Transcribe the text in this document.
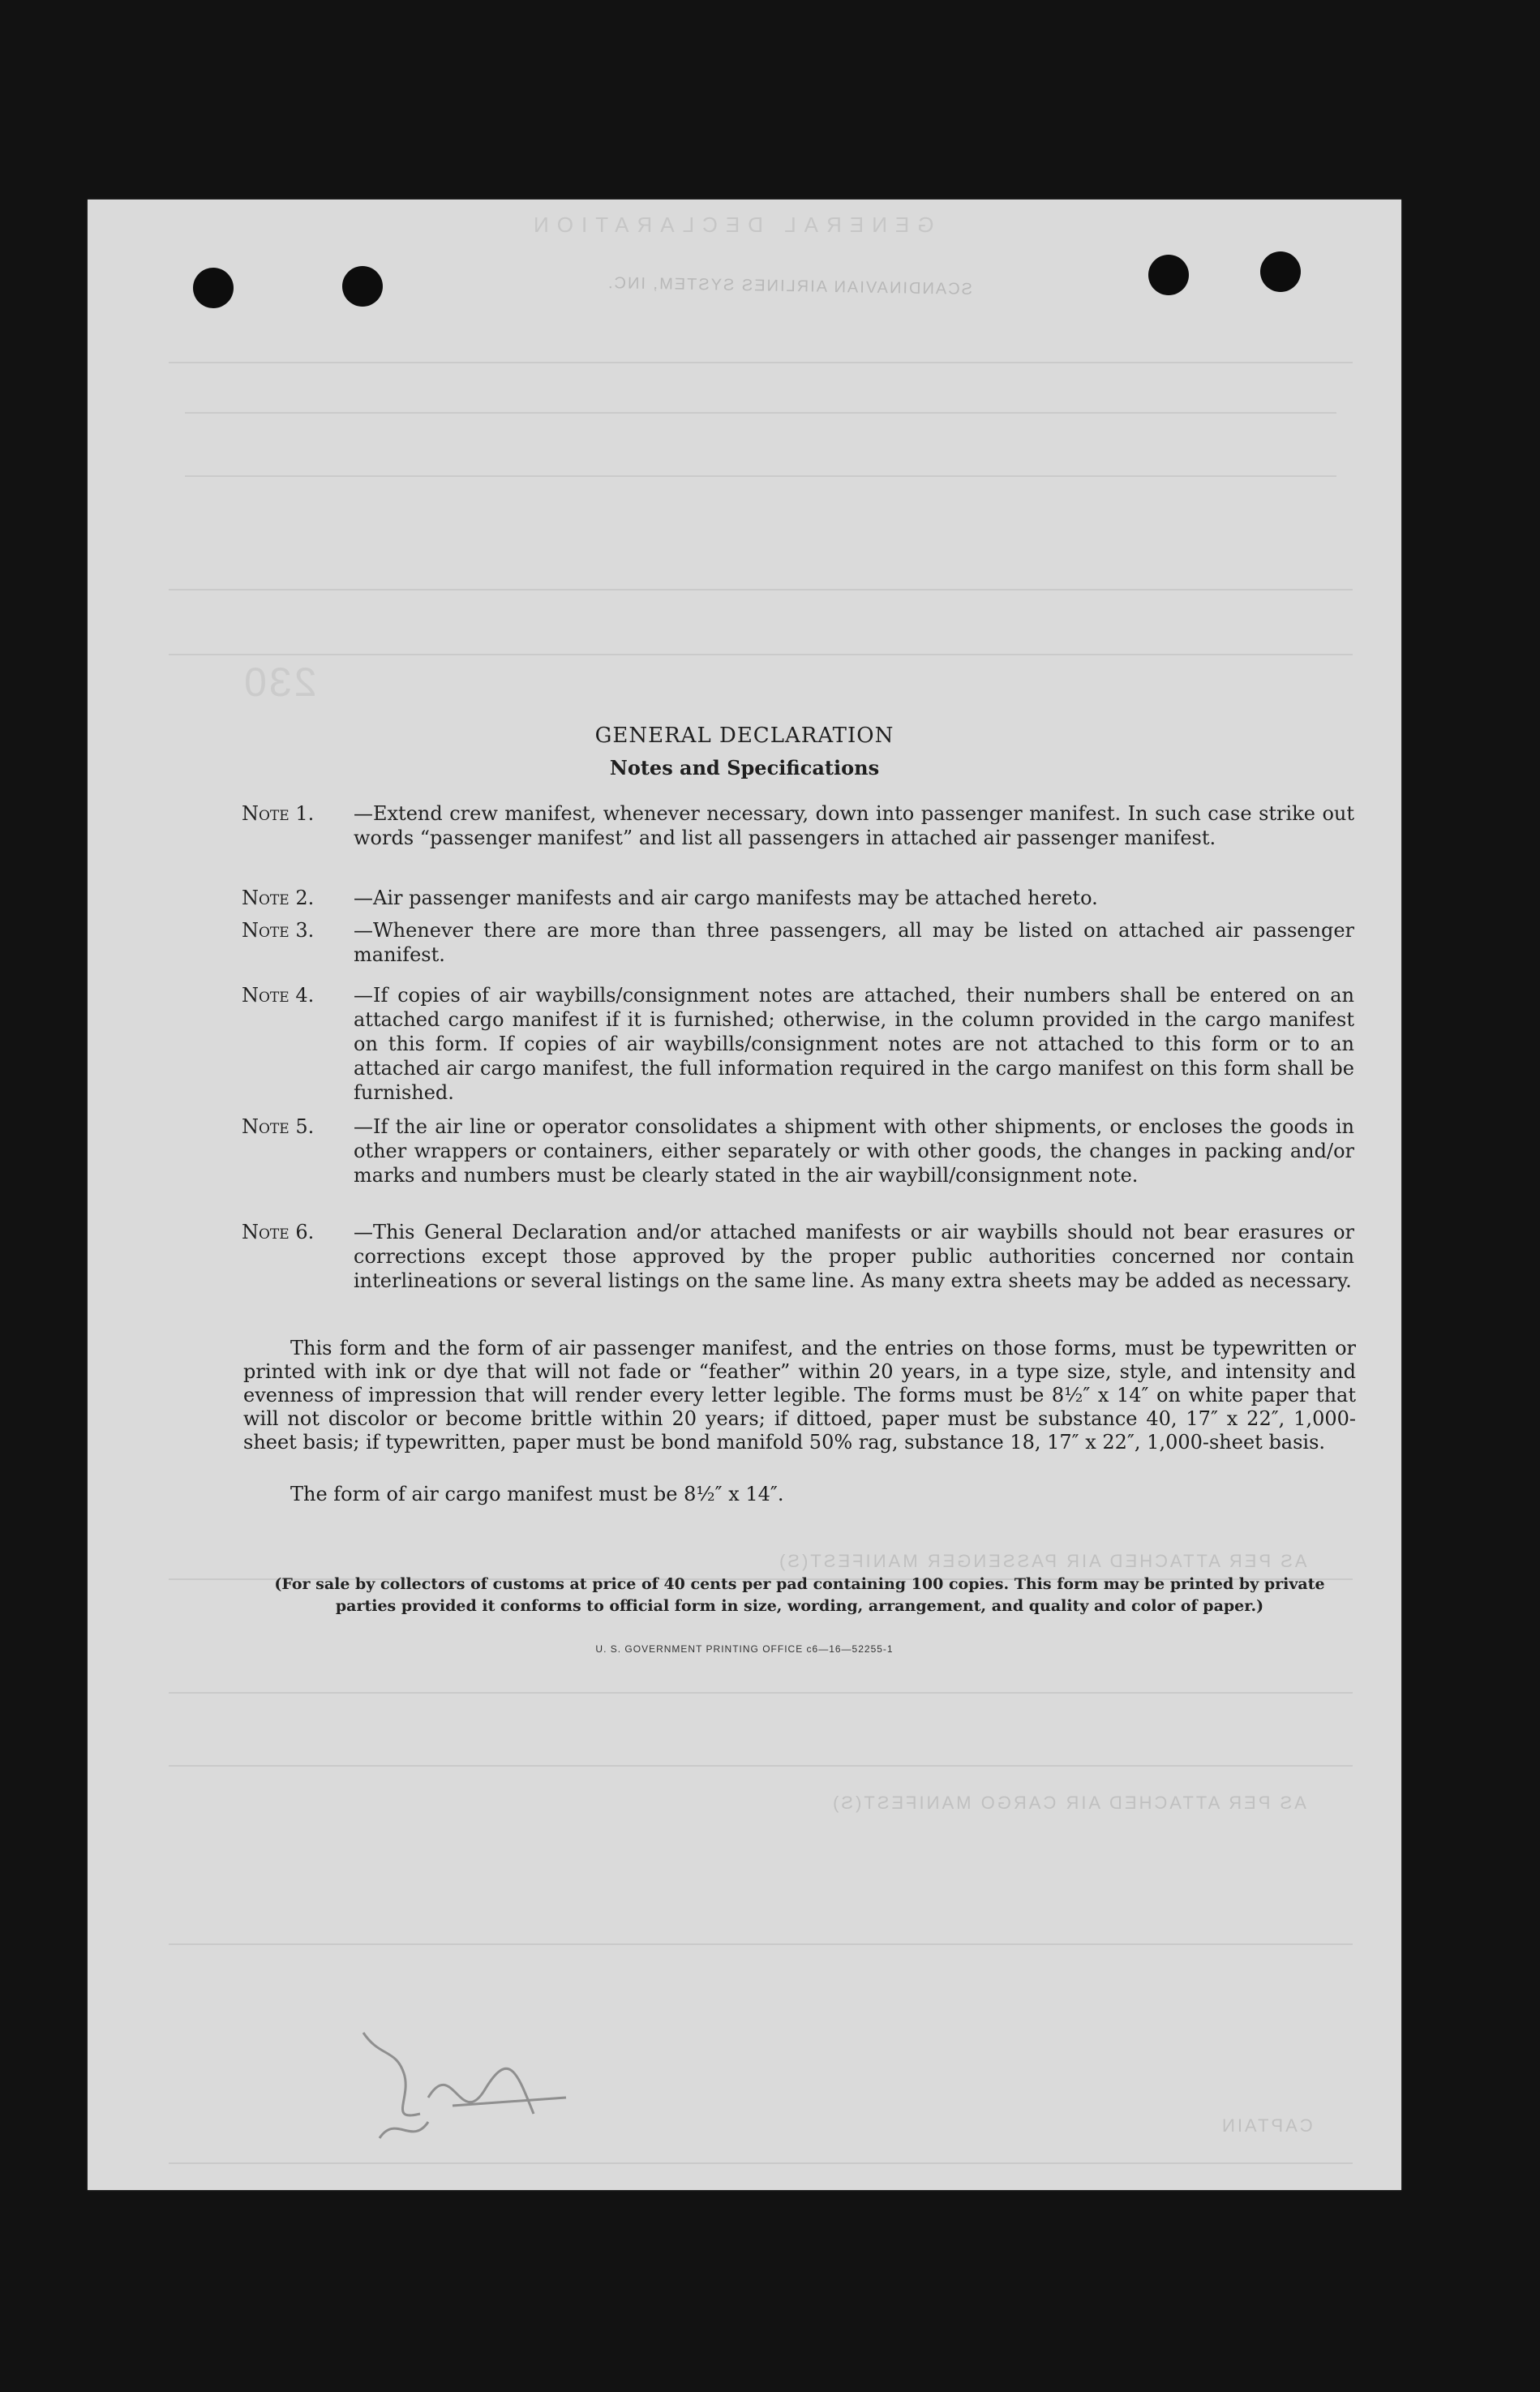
GENERAL DECLARATION
SCANDINAVIAN AIRLINES SYSTEM, INC.
230
AS PER ATTACHED AIR PASSENGER MANIFEST(S)
AS PER ATTACHED AIR CARGO MANIFEST(S)
CAPTAIN
GENERAL DECLARATION
Notes and Specifications
Note 1. —Extend crew manifest, whenever necessary, down into passenger manifest. In such case strike out words “passenger manifest” and list all passengers in attached air passenger manifest.
Note 2. —Air passenger manifests and air cargo manifests may be attached hereto.
Note 3. —Whenever there are more than three passengers, all may be listed on attached air passenger manifest.
Note 4. —If copies of air waybills/consignment notes are attached, their numbers shall be entered on an attached cargo manifest if it is furnished; otherwise, in the column provided in the cargo manifest on this form. If copies of air waybills/consignment notes are not attached to this form or to an attached air cargo manifest, the full information required in the cargo manifest on this form shall be furnished.
Note 5. —If the air line or operator consolidates a shipment with other shipments, or encloses the goods in other wrappers or containers, either separately or with other goods, the changes in packing and/or marks and numbers must be clearly stated in the air waybill/consignment note.
Note 6. —This General Declaration and/or attached manifests or air waybills should not bear erasures or corrections except those approved by the proper public authorities concerned nor contain interlineations or several listings on the same line. As many extra sheets may be added as necessary.
This form and the form of air passenger manifest, and the entries on those forms, must be typewritten or printed with ink or dye that will not fade or “feather” within 20 years, in a type size, style, and intensity and evenness of impression that will render every letter legible. The forms must be 8½″ x 14″ on white paper that will not discolor or become brittle within 20 years; if dittoed, paper must be substance 40, 17″ x 22″, 1,000-sheet basis; if typewritten, paper must be bond manifold 50% rag, substance 18, 17″ x 22″, 1,000-sheet basis.
The form of air cargo manifest must be 8½″ x 14″.
(For sale by collectors of customs at price of 40 cents per pad containing 100 copies. This form may be printed by private parties provided it conforms to official form in size, wording, arrangement, and quality and color of paper.)
U. S. GOVERNMENT PRINTING OFFICE c6—16—52255-1
